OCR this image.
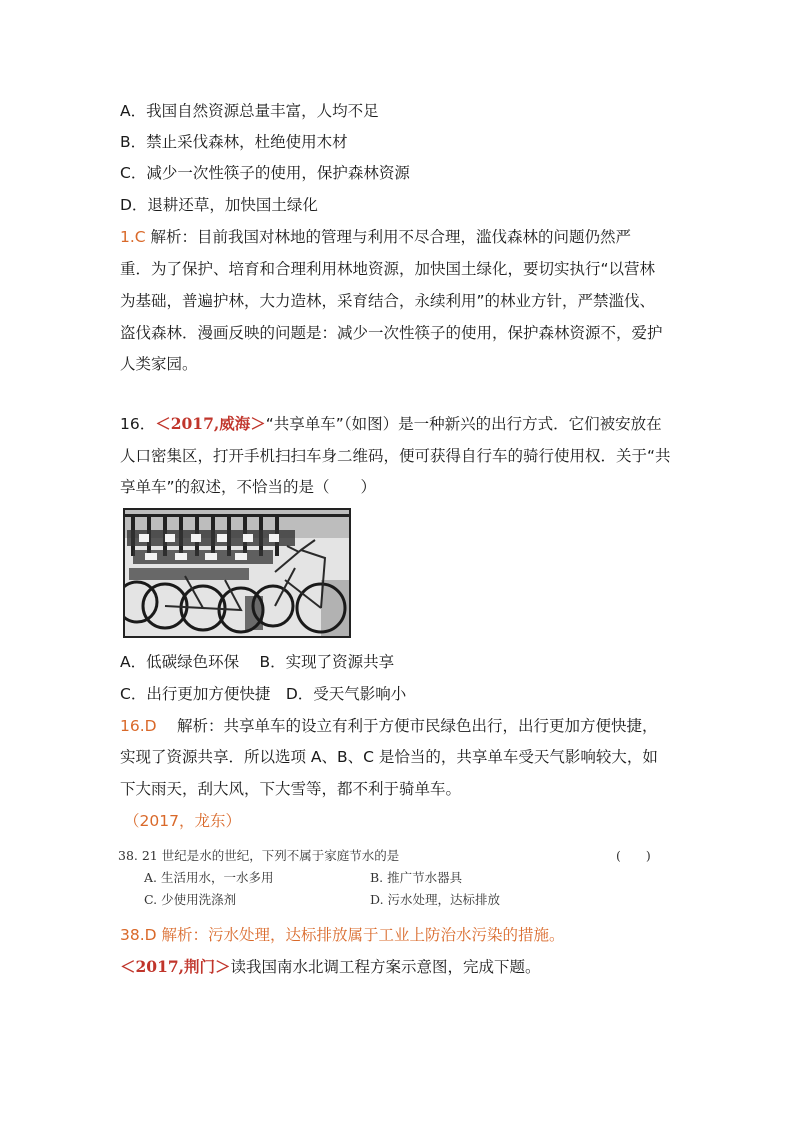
A．我国自然资源总量丰富，人均不足
B．禁止采伐森林，杜绝使用木材
C．减少一次性筷子的使用，保护森林资源
D．退耕还草，加快国土绿化
1.C 解析：目前我国对林地的管理与利用不尽合理，滥伐森林的问题仍然严
重．为了保护、培育和合理利用林地资源，加快国土绿化，要切实执行“以营林
为基础，普遍护林，大力造林，采育结合，永续利用”的林业方针，严禁滥伐、
盗伐森林．漫画反映的问题是：减少一次性筷子的使用，保护森林资源不，爱护
人类家园。
16．＜2017,威海＞“共享单车”（如图）是一种新兴的出行方式．它们被安放在
人口密集区，打开手机扫扫车身二维码，便可获得自行车的骑行使用权．关于“共
享单车”的叙述，不恰当的是（　　）
A．低碳绿色环保　 B．实现了资源共享
C．出行更加方便快捷　D．受天气影响小
16.D　 解析：共享单车的设立有利于方便市民绿色出行，出行更加方便快捷，
实现了资源共享．所以选项 A、B、C 是恰当的，共享单车受天气影响较大，如
下大雨天，刮大风，下大雪等，都不利于骑单车。
（2017，龙东）
38. 21 世纪是水的世纪，下列不属于家庭节水的是	(　　)
A. 生活用水，一水多用	B. 推广节水器具
C. 少使用洗涤剂	D. 污水处理，达标排放
38.D 解析：污水处理，达标排放属于工业上防治水污染的措施。
＜2017,荆门＞读我国南水北调工程方案示意图，完成下题。
